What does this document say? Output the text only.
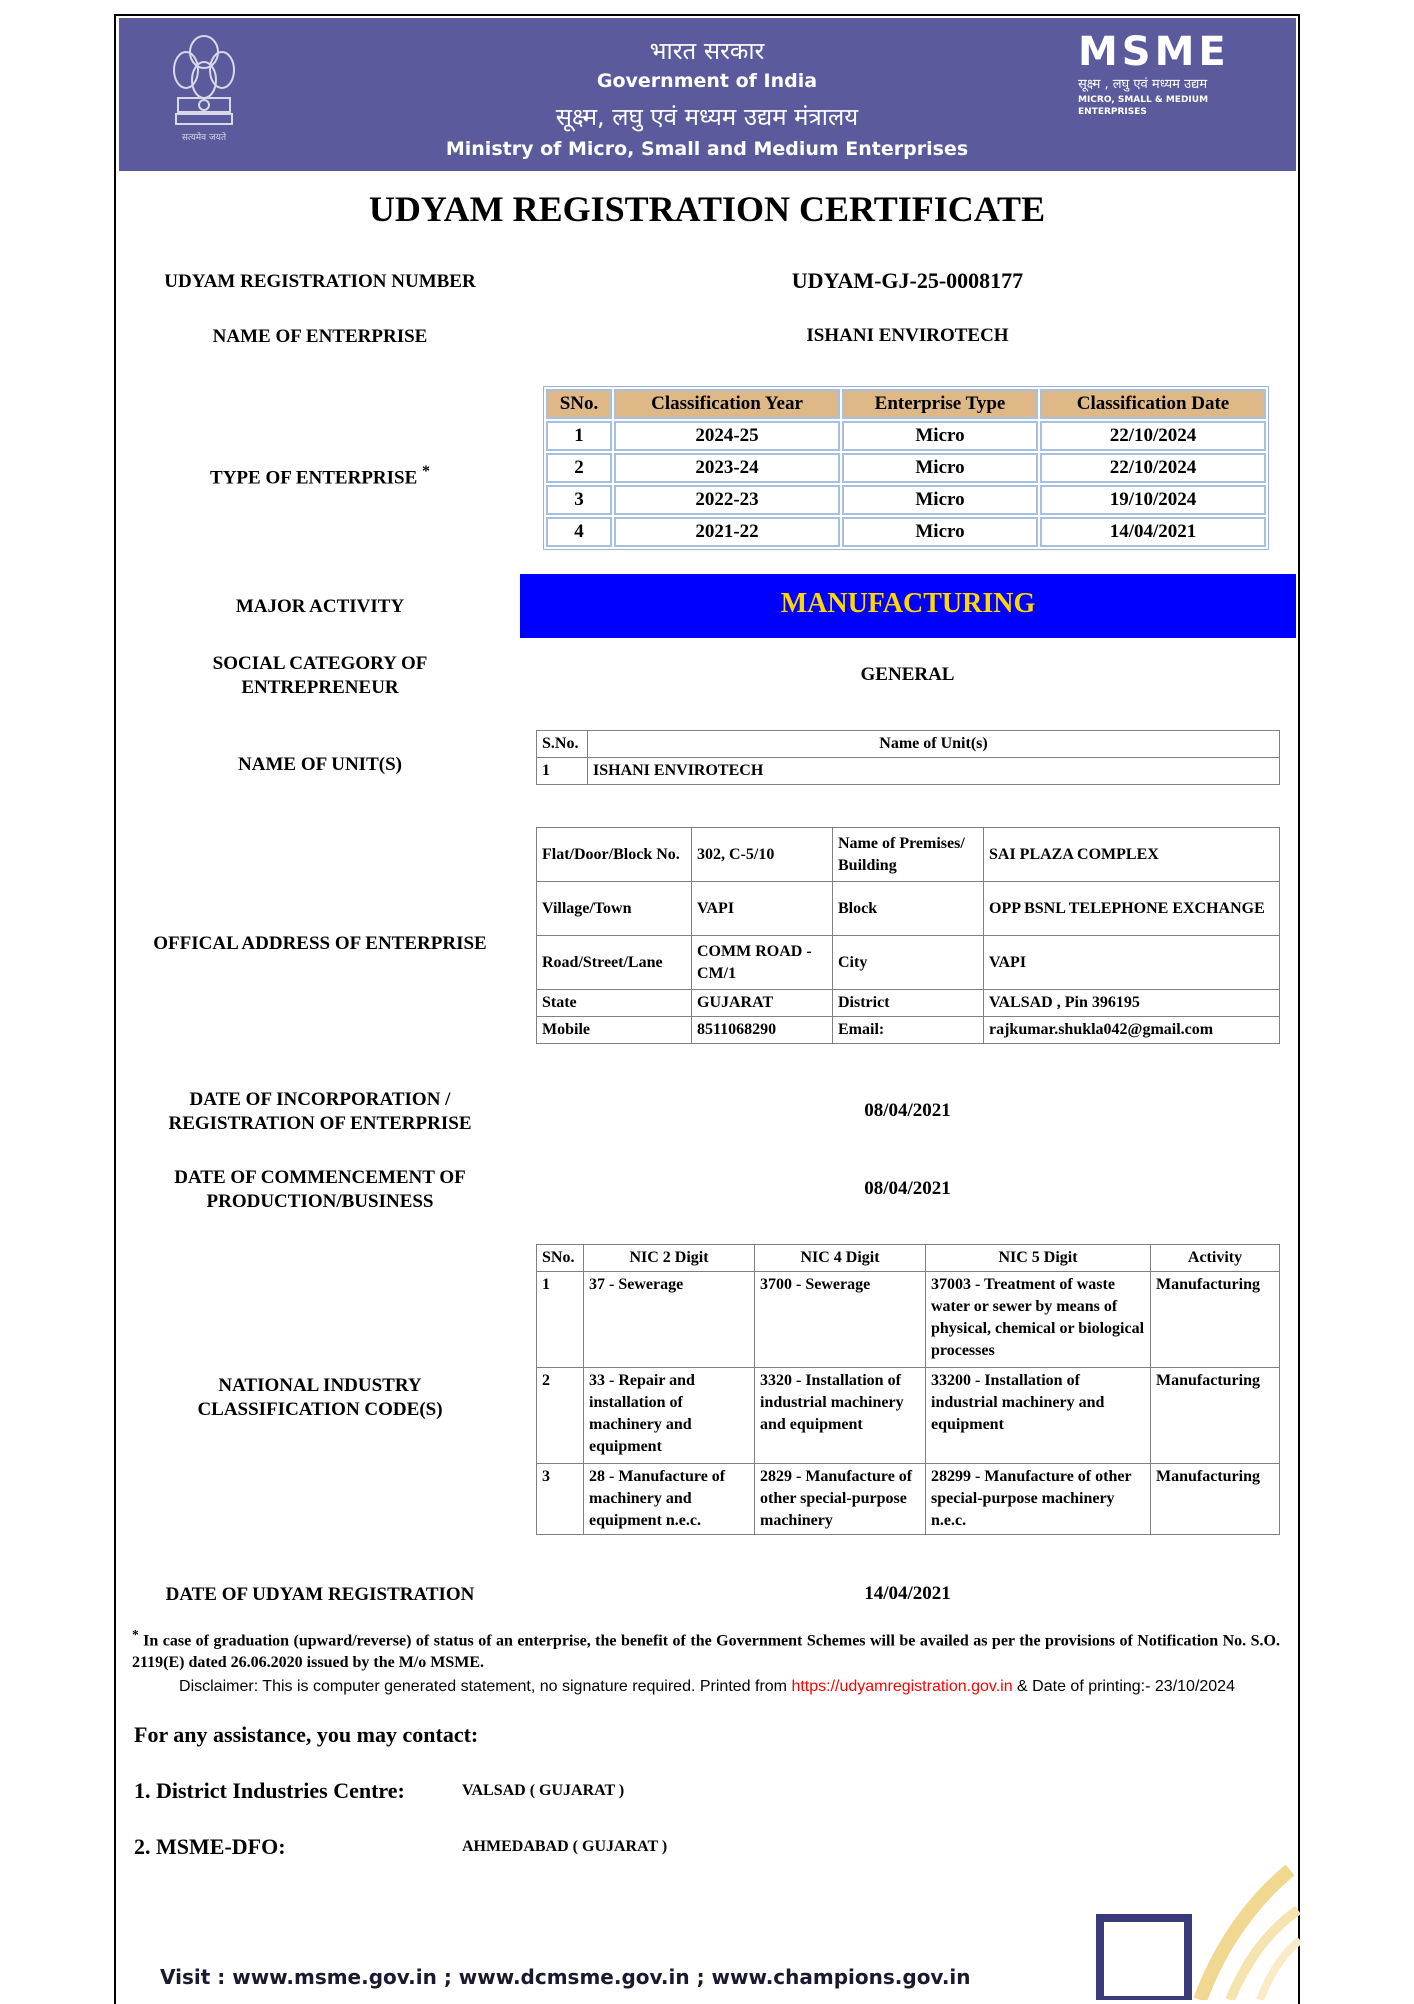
सत्यमेव जयते
भारत सरकार
Government of India
सूक्ष्म, लघु एवं मध्यम उद्यम मंत्रालय
Ministry of Micro, Small and Medium Enterprises
MSME
सूक्ष्म , लघु एवं मध्यम उद्यम
MICRO, SMALL & MEDIUM ENTERPRISES
UDYAM REGISTRATION CERTIFICATE
UDYAM REGISTRATION NUMBER	UDYAM-GJ-25-0008177
NAME OF ENTERPRISE	ISHANI ENVIROTECH
TYPE OF ENTERPRISE *
SNo.	Classification Year	Enterprise Type	Classification Date
1	2024-25	Micro	22/10/2024
2	2023-24	Micro	22/10/2024
3	2022-23	Micro	19/10/2024
4	2021-22	Micro	14/04/2021
MAJOR ACTIVITY	MANUFACTURING
SOCIAL CATEGORY OF
ENTREPRENEUR
GENERAL
NAME OF UNIT(S)
S.No.	Name of Unit(s)
1	ISHANI ENVIROTECH
OFFICAL ADDRESS OF ENTERPRISE
Flat/Door/Block No.	302, C-5/10	Name of Premises/ Building	SAI PLAZA COMPLEX
Village/Town	VAPI	Block	OPP BSNL TELEPHONE EXCHANGE
Road/Street/Lane	COMM ROAD - CM/1	City	VAPI
State	GUJARAT	District	VALSAD , Pin 396195
Mobile	8511068290	Email:	rajkumar.shukla042@gmail.com
DATE OF INCORPORATION /
REGISTRATION OF ENTERPRISE
08/04/2021
DATE OF COMMENCEMENT OF
PRODUCTION/BUSINESS
08/04/2021
NATIONAL INDUSTRY
CLASSIFICATION CODE(S)
SNo.	NIC 2 Digit	NIC 4 Digit	NIC 5 Digit	Activity
1	37 - Sewerage	3700 - Sewerage	37003 - Treatment of waste water or sewer by means of physical, chemical or biological processes	Manufacturing
2	33 - Repair and installation of machinery and equipment	3320 - Installation of industrial machinery and equipment	33200 - Installation of industrial machinery and equipment	Manufacturing
3	28 - Manufacture of machinery and equipment n.e.c.	2829 - Manufacture of other special-purpose machinery	28299 - Manufacture of other special-purpose machinery n.e.c.	Manufacturing
DATE OF UDYAM REGISTRATION	14/04/2021
* In case of graduation (upward/reverse) of status of an enterprise, the benefit of the Government Schemes will be availed as per the provisions of Notification No. S.O. 2119(E) dated 26.06.2020 issued by the M/o MSME.
Disclaimer: This is computer generated statement, no signature required. Printed from https://udyamregistration.gov.in & Date of printing:- 23/10/2024
For any assistance, you may contact:
1. District Industries Centre:	VALSAD ( GUJARAT )
2. MSME-DFO:	AHMEDABAD ( GUJARAT )
Visit : www.msme.gov.in ; www.dcmsme.gov.in ; www.champions.gov.in
